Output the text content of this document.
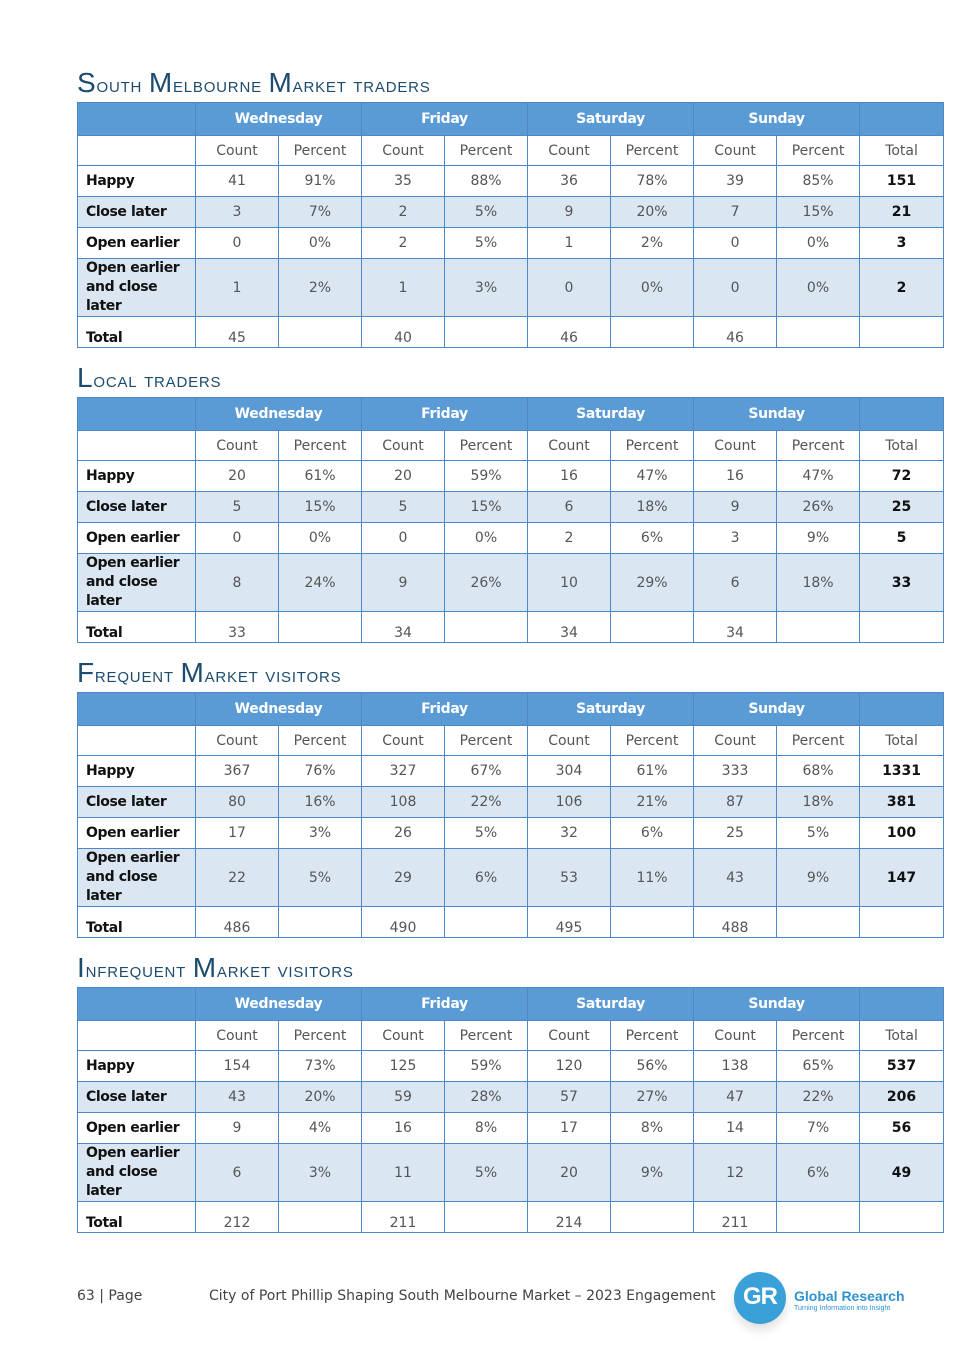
South Melbourne Market traders
	Wednesday		Friday		Saturday		Sunday		
	Count	Percent	Count	Percent	Count	Percent	Count	Percent	Total
Happy	41	91%	35	88%	36	78%	39	85%	151
Close later	3	7%	2	5%	9	20%	7	15%	21
Open earlier	0	0%	2	5%	1	2%	0	0%	3
Open earlier and close later	1	2%	1	3%	0	0%	0	0%	2
Total	45		40		46		46		
Local traders
	Wednesday		Friday		Saturday		Sunday		
	Count	Percent	Count	Percent	Count	Percent	Count	Percent	Total
Happy	20	61%	20	59%	16	47%	16	47%	72
Close later	5	15%	5	15%	6	18%	9	26%	25
Open earlier	0	0%	0	0%	2	6%	3	9%	5
Open earlier and close later	8	24%	9	26%	10	29%	6	18%	33
Total	33		34		34		34		
Frequent Market visitors
	Wednesday		Friday		Saturday		Sunday		
	Count	Percent	Count	Percent	Count	Percent	Count	Percent	Total
Happy	367	76%	327	67%	304	61%	333	68%	1331
Close later	80	16%	108	22%	106	21%	87	18%	381
Open earlier	17	3%	26	5%	32	6%	25	5%	100
Open earlier and close later	22	5%	29	6%	53	11%	43	9%	147
Total	486		490		495		488		
Infrequent Market visitors
	Wednesday		Friday		Saturday		Sunday		
	Count	Percent	Count	Percent	Count	Percent	Count	Percent	Total
Happy	154	73%	125	59%	120	56%	138	65%	537
Close later	43	20%	59	28%	57	27%	47	22%	206
Open earlier	9	4%	16	8%	17	8%	14	7%	56
Open earlier and close later	6	3%	11	5%	20	9%	12	6%	49
Total	212		211		214		211		
63 | Page	City of Port Phillip Shaping South Melbourne Market – 2023 Engagement	GR	Global Research
Turning Information into Insight
